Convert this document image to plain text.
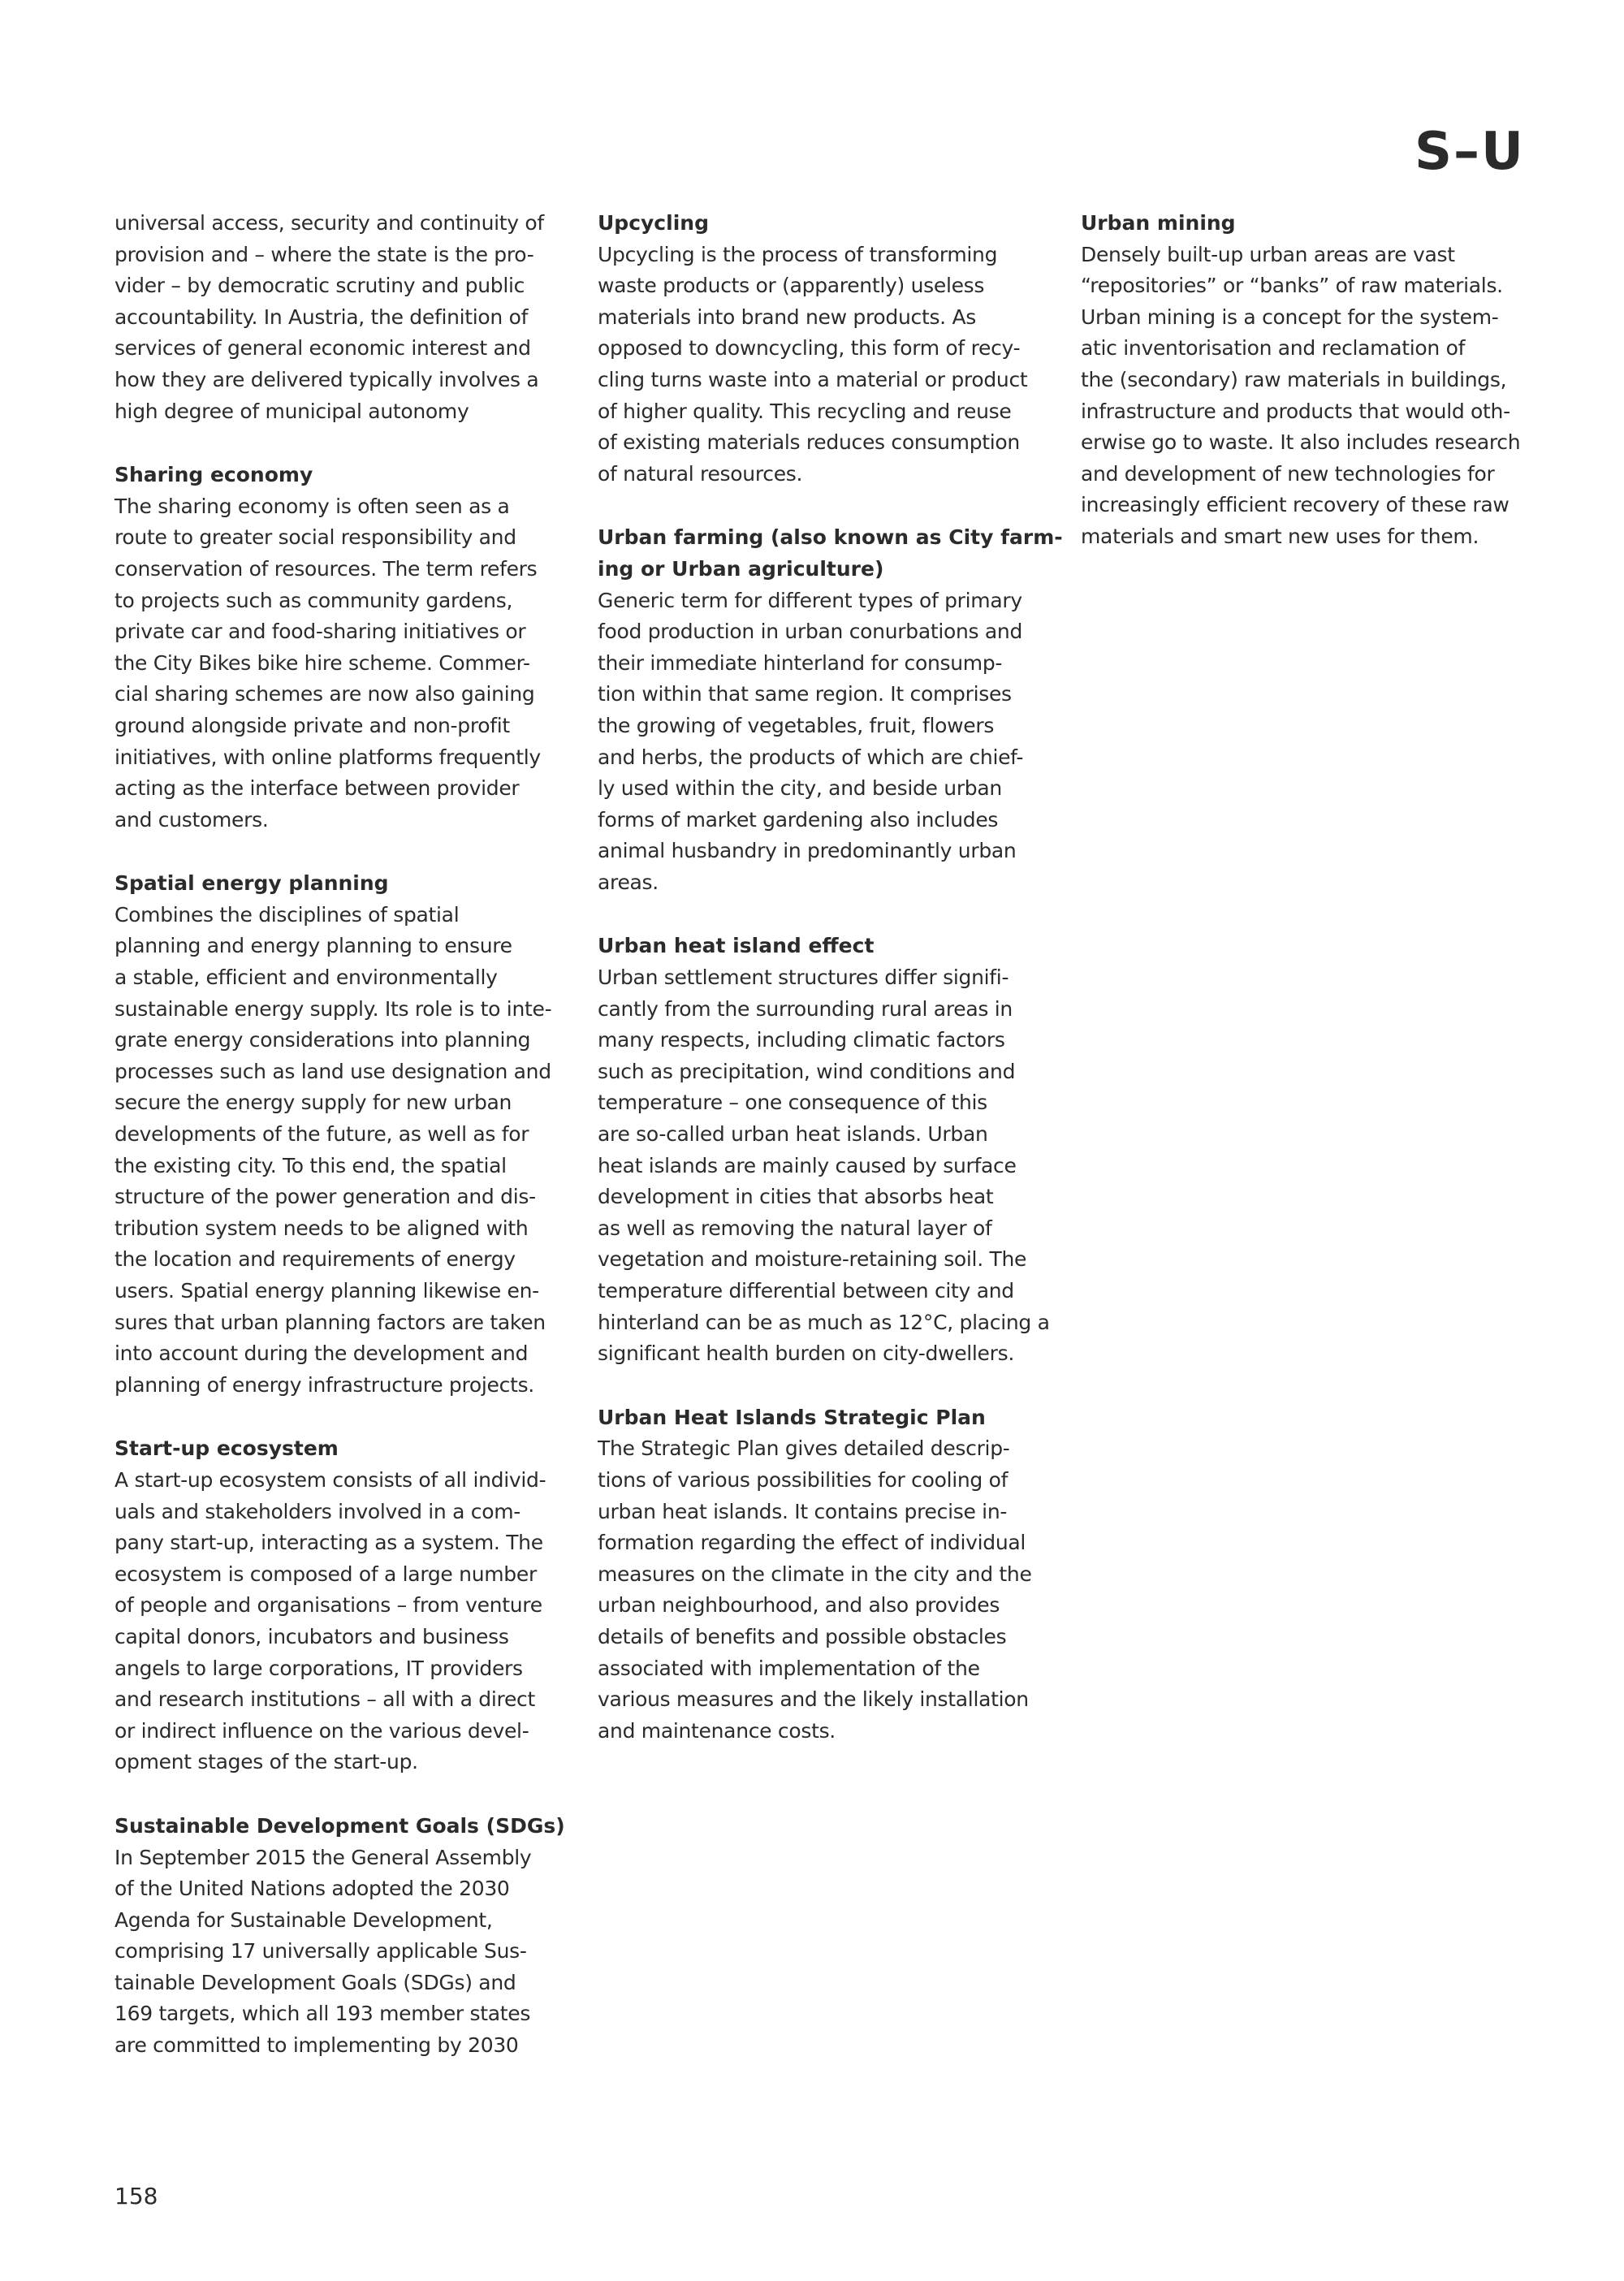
S–U
universal access, security and continuity of
provision and – where the state is the pro-
vider – by democratic scrutiny and public
accountability. In Austria, the definition of
services of general economic interest and
how they are delivered typically involves a
high degree of municipal autonomy
Sharing economy
The sharing economy is often seen as a
route to greater social responsibility and
conservation of resources. The term refers
to projects such as community gardens,
private car and food-sharing initiatives or
the City Bikes bike hire scheme. Commer-
cial sharing schemes are now also gaining
ground alongside private and non-profit
initiatives, with online platforms frequently
acting as the interface between provider
and customers.
Spatial energy planning
Combines the disciplines of spatial
planning and energy planning to ensure
a stable, efficient and environmentally
sustainable energy supply. Its role is to inte-
grate energy considerations into planning
processes such as land use designation and
secure the energy supply for new urban
developments of the future, as well as for
the existing city. To this end, the spatial
structure of the power generation and dis-
tribution system needs to be aligned with
the location and requirements of energy
users. Spatial energy planning likewise en-
sures that urban planning factors are taken
into account during the development and
planning of energy infrastructure projects.
Start-up ecosystem
A start-up ecosystem consists of all individ-
uals and stakeholders involved in a com-
pany start-up, interacting as a system. The
ecosystem is composed of a large number
of people and organisations – from venture
capital donors, incubators and business
angels to large corporations, IT providers
and research institutions – all with a direct
or indirect influence on the various devel-
opment stages of the start-up.
Sustainable Development Goals (SDGs)
In September 2015 the General Assembly
of the United Nations adopted the 2030
Agenda for Sustainable Development,
comprising 17 universally applicable Sus-
tainable Development Goals (SDGs) and
169 targets, which all 193 member states
are committed to implementing by 2030
Upcycling
Upcycling is the process of transforming
waste products or (apparently) useless
materials into brand new products. As
opposed to downcycling, this form of recy-
cling turns waste into a material or product
of higher quality. This recycling and reuse
of existing materials reduces consumption
of natural resources.
Urban farming (also known as City farm-
ing or Urban agriculture)
Generic term for different types of primary
food production in urban conurbations and
their immediate hinterland for consump-
tion within that same region. It comprises
the growing of vegetables, fruit, flowers
and herbs, the products of which are chief-
ly used within the city, and beside urban
forms of market gardening also includes
animal husbandry in predominantly urban
areas.
Urban heat island effect
Urban settlement structures differ signifi-
cantly from the surrounding rural areas in
many respects, including climatic factors
such as precipitation, wind conditions and
temperature – one consequence of this
are so-called urban heat islands. Urban
heat islands are mainly caused by surface
development in cities that absorbs heat
as well as removing the natural layer of
vegetation and moisture-retaining soil. The
temperature differential between city and
hinterland can be as much as 12°C, placing a
significant health burden on city-dwellers.
Urban Heat Islands Strategic Plan
The Strategic Plan gives detailed descrip-
tions of various possibilities for cooling of
urban heat islands. It contains precise in-
formation regarding the effect of individual
measures on the climate in the city and the
urban neighbourhood, and also provides
details of benefits and possible obstacles
associated with implementation of the
various measures and the likely installation
and maintenance costs.
Urban mining
Densely built-up urban areas are vast
“repositories” or “banks” of raw materials.
Urban mining is a concept for the system-
atic inventorisation and reclamation of
the (secondary) raw materials in buildings,
infrastructure and products that would oth-
erwise go to waste. It also includes research
and development of new technologies for
increasingly efficient recovery of these raw
materials and smart new uses for them.
158
